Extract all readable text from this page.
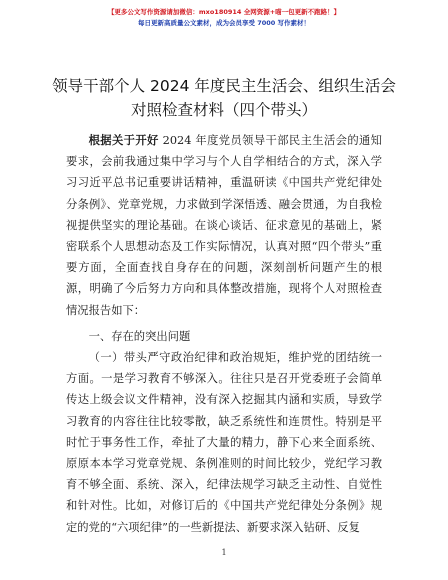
【更多公文写作资源请加微信：mxo180914 全网资源+喵一包更新不跑路！】
每日更新高质量公文素材，成为会员享受 7000 写作素材！
领导干部个人 2024 年度民主生活会、组织生活会对照检查材料（四个带头）

根据关于开好 2024 年度党员领导干部民主生活会的通知要求，会前我通过集中学习与个人自学相结合的方式，深入学习习近平总书记重要讲话精神，重温研读《中国共产党纪律处分条例》、党章党规，力求做到学深悟透、融会贯通，为自我检视提供坚实的理论基础。在谈心谈话、征求意见的基础上，紧密联系个人思想动态及工作实际情况，认真对照“四个带头”重要方面，全面查找自身存在的问题，深刻剖析问题产生的根源，明确了今后努力方向和具体整改措施，现将个人对照检查情况报告如下：

一、存在的突出问题

（一）带头严守政治纪律和政治规矩，维护党的团结统一方面。一是学习教育不够深入。往往只是召开党委班子会简单传达上级会议文件精神，没有深入挖掘其内涵和实质，导致学习教育的内容往往比较零散，缺乏系统性和连贯性。特别是平时忙于事务性工作，牵扯了大量的精力，静下心来全面系统、原原本本学习党章党规、条例准则的时间比较少，党纪学习教育不够全面、系统、深入，纪律法规学习缺乏主动性、自觉性和针对性。比如，对修订后的《中国共产党纪律处分条例》规定的党的“六项纪律”的一些新提法、新要求深入钻研、反复

1
